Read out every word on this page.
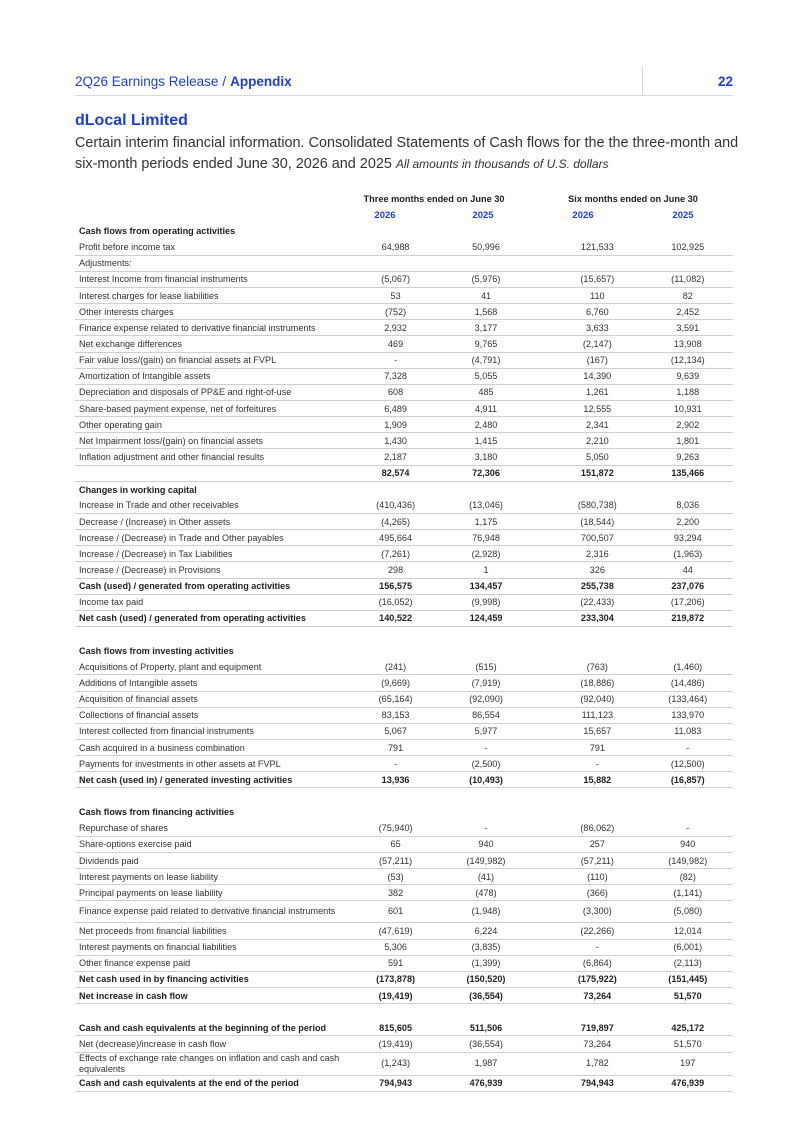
2Q26 Earnings Release / Appendix	22
dLocal Limited
Certain interim financial information. Consolidated Statements of Cash flows for the the three-month and six-month periods ended June 30, 2026 and 2025 All amounts in thousands of U.S. dollars
Three months ended on June 30	Six months ended on June 30
2026	2025	2026	2025
Cash flows from operating activities					
Profit before income tax	64,988	50,996		121,533	102,925
Adjustments:					
Interest Income from financial instruments	(5,067)	(5,976)		(15,657)	(11,082)
Interest charges for lease liabilities	53	41		110	82
Other interests charges	(752)	1,568		6,760	2,452
Finance expense related to derivative financial instruments	2,932	3,177		3,633	3,591
Net exchange differences	469	9,765		(2,147)	13,908
Fair value loss/(gain) on financial assets at FVPL	-	(4,791)		(167)	(12,134)
Amortization of Intangible assets	7,328	5,055		14,390	9,639
Depreciation and disposals of PP&E and right-of-use	608	485		1,261	1,188
Share-based payment expense, net of forfeitures	6,489	4,911		12,555	10,931
Other operating gain	1,909	2,480		2,341	2,902
Net Impairment loss/(gain) on financial assets	1,430	1,415		2,210	1,801
Inflation adjustment and other financial results	2,187	3,180		5,050	9,263
	82,574	72,306		151,872	135,466
Changes in working capital					
Increase in Trade and other receivables	(410,436)	(13,046)		(580,738)	8,036
Decrease / (Increase) in Other assets	(4,265)	1,175		(18,544)	2,200
Increase / (Decrease) in Trade and Other payables	495,664	76,948		700,507	93,294
Increase / (Decrease) in Tax Liabilities	(7,261)	(2,928)		2,316	(1,963)
Increase / (Decrease) in Provisions	298	1		326	44
Cash (used) / generated from operating activities	156,575	134,457		255,738	237,076
Income tax paid	(16,052)	(9,998)		(22,433)	(17,206)
Net cash (used) / generated from operating activities	140,522	124,459		233,304	219,872

Cash flows from investing activities					
Acquisitions of Property, plant and equipment	(241)	(515)		(763)	(1,460)
Additions of Intangible assets	(9,669)	(7,919)		(18,886)	(14,486)
Acquisition of financial assets	(65,164)	(92,090)		(92,040)	(133,464)
Collections of financial assets	83,153	86,554		111,123	133,970
Interest collected from financial instruments	5,067	5,977		15,657	11,083
Cash acquired in a business combination	791	-		791	-
Payments for investments in other assets at FVPL	-	(2,500)		-	(12,500)
Net cash (used in) / generated investing activities	13,936	(10,493)		15,882	(16,857)

Cash flows from financing activities					
Repurchase of shares	(75,940)	-		(86,062)	-
Share-options exercise paid	65	940		257	940
Dividends paid	(57,211)	(149,982)		(57,211)	(149,982)
Interest payments on lease liability	(53)	(41)		(110)	(82)
Principal payments on lease liability	382	(478)		(366)	(1,141)
Finance expense paid related to derivative financial instruments	601	(1,948)		(3,300)	(5,080)
Net proceeds from financial liabilities	(47,619)	6,224		(22,266)	12,014
Interest payments on financial liabilities	5,306	(3,835)		-	(6,001)
Other finance expense paid	591	(1,399)		(6,864)	(2,113)
Net cash used in by financing activities	(173,878)	(150,520)		(175,922)	(151,445)
Net increase in cash flow	(19,419)	(36,554)		73,264	51,570

Cash and cash equivalents at the beginning of the period	815,605	511,506		719,897	425,172
Net (decrease)/increase in cash flow	(19,419)	(36,554)		73,264	51,570
Effects of exchange rate changes on inflation and cash and cash equivalents	(1,243)	1,987		1,782	197
Cash and cash equivalents at the end of the period	794,943	476,939		794,943	476,939
